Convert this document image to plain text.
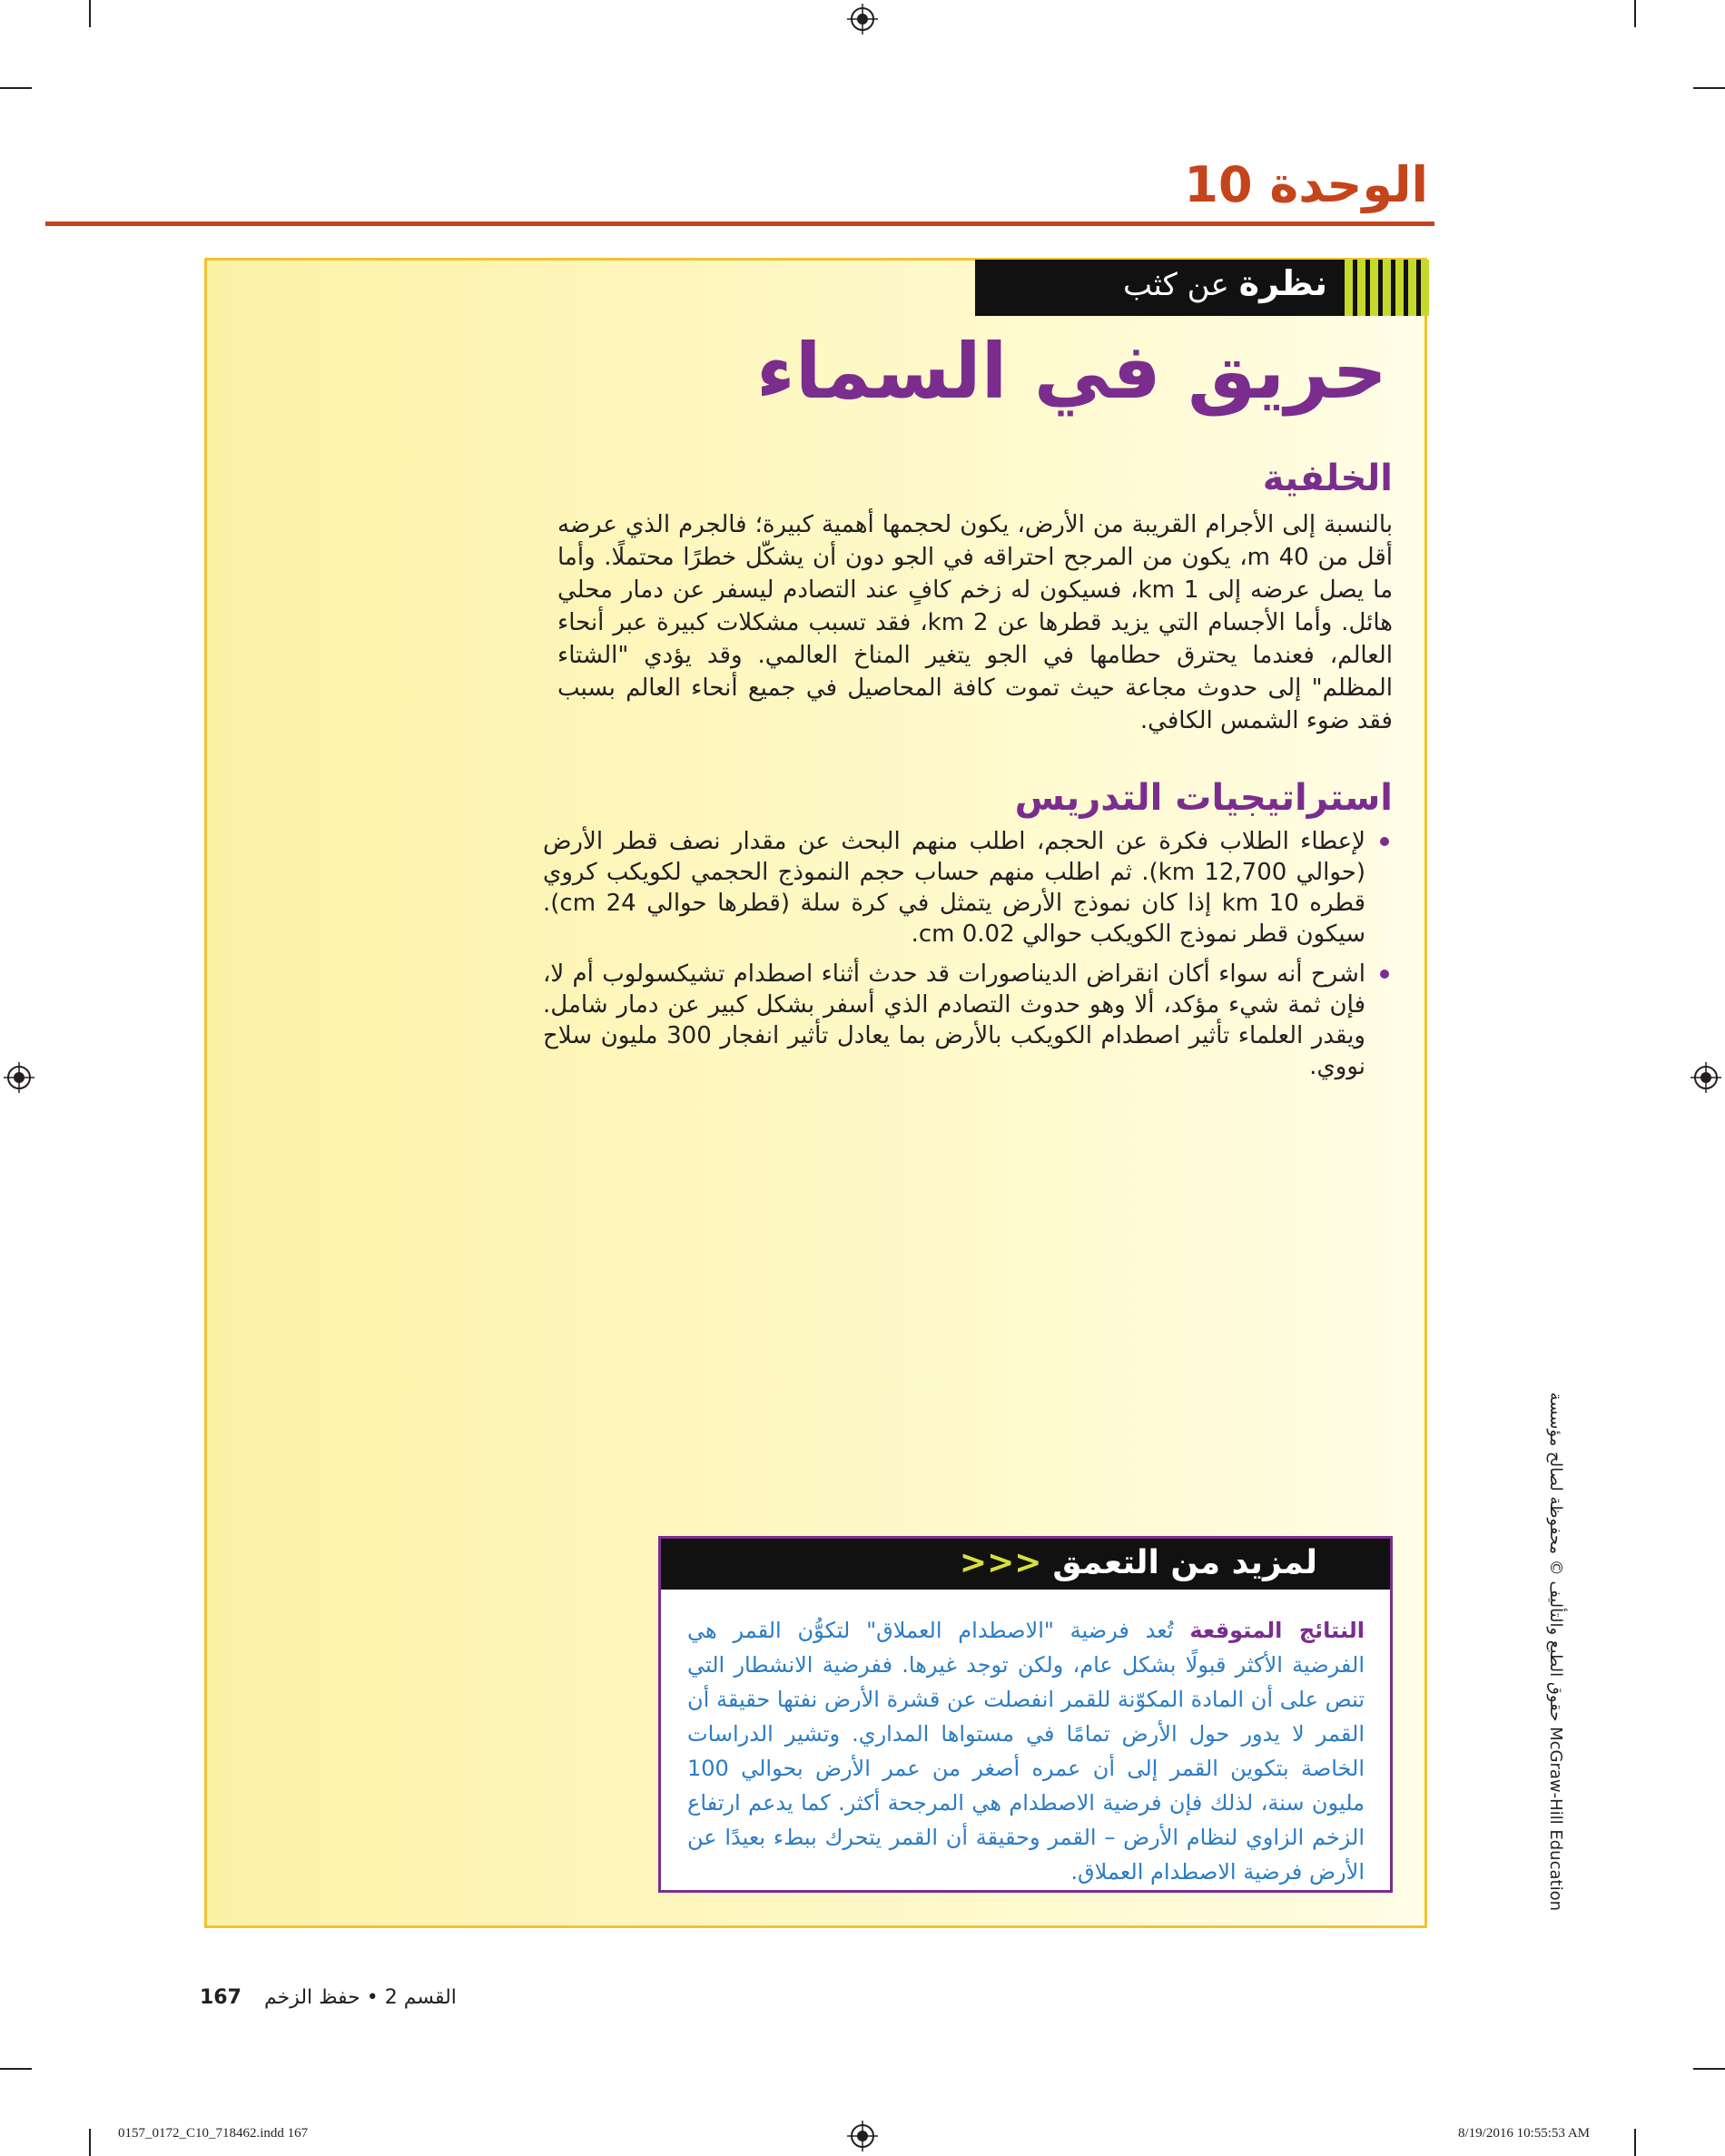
الوحدة 10
نظرة عن كثب
حريق في السماء
الخلفية
بالنسبة إلى الأجرام القريبة من الأرض، يكون لحجمها أهمية كبيرة؛ فالجرم الذي عرضه أقل من 40 m، يكون من المرجح احتراقه في الجو دون أن يشكّل خطرًا محتملًا. وأما ما يصل عرضه إلى 1 km، فسيكون له زخم كافٍ عند التصادم ليسفر عن دمار محلي هائل. وأما الأجسام التي يزيد قطرها عن 2 km، فقد تسبب مشكلات كبيرة عبر أنحاء العالم، فعندما يحترق حطامها في الجو يتغير المناخ العالمي. وقد يؤدي "الشتاء المظلم" إلى حدوث مجاعة حيث تموت كافة المحاصيل في جميع أنحاء العالم بسبب فقد ضوء الشمس الكافي.
استراتيجيات التدريس
لإعطاء الطلاب فكرة عن الحجم، اطلب منهم البحث عن مقدار نصف قطر الأرض (حوالي 12,700 km). ثم اطلب منهم حساب حجم النموذج الحجمي لكويكب كروي قطره 10 km إذا كان نموذج الأرض يتمثل في كرة سلة (قطرها حوالي 24 cm). سيكون قطر نموذج الكويكب حوالي 0.02 cm.
اشرح أنه سواء أكان انقراض الديناصورات قد حدث أثناء اصطدام تشيكسولوب أم لا، فإن ثمة شيء مؤكد، ألا وهو حدوث التصادم الذي أسفر بشكل كبير عن دمار شامل. ويقدر العلماء تأثير اصطدام الكويكب بالأرض بما يعادل تأثير انفجار 300 مليون سلاح نووي.
لمزيد من التعمق<<<
النتائج المتوقعة تُعد فرضية "الاصطدام العملاق" لتكوُّن القمر هي الفرضية الأكثر قبولًا بشكل عام، ولكن توجد غيرها. ففرضية الانشطار التي تنص على أن المادة المكوّنة للقمر انفصلت عن قشرة الأرض نفتها حقيقة أن القمر لا يدور حول الأرض تمامًا في مستواها المداري. وتشير الدراسات الخاصة بتكوين القمر إلى أن عمره أصغر من عمر الأرض بحوالي 100 مليون سنة، لذلك فإن فرضية الاصطدام هي المرجحة أكثر. كما يدعم ارتفاع الزخم الزاوي لنظام الأرض – القمر وحقيقة أن القمر يتحرك ببطء بعيدًا عن الأرض فرضية الاصطدام العملاق.
حقوق الطبع والتأليف © محفوظة لصالح مؤسسة McGraw-Hill Education
167 القسم 2 • حفظ الزخم
0157_0172_C10_718462.indd 167	8/19/2016 10:55:53 AM
